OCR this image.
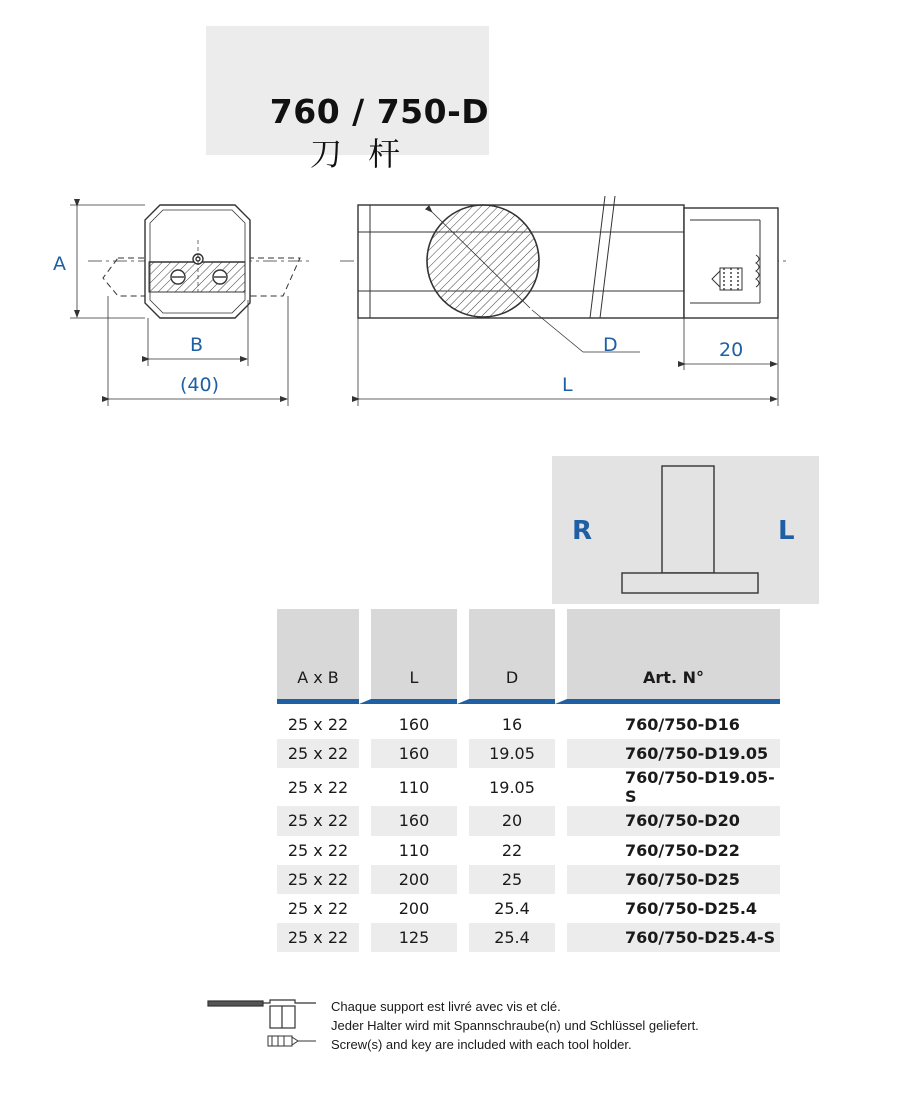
760 / 750-D
刀 杆
A
B
(40)
D	20
L
R	L
A x B	L	D	Art. N°
25 x 22	160	16	760/750-D16
25 x 22	160	19.05	760/750-D19.05
25 x 22	110	19.05	760/750-D19.05-S
25 x 22	160	20	760/750-D20
25 x 22	110	22	760/750-D22
25 x 22	200	25	760/750-D25
25 x 22	200	25.4	760/750-D25.4
25 x 22	125	25.4	760/750-D25.4-S
Chaque support est livré avec vis et clé.
Jeder Halter wird mit Spannschraube(n) und Schlüssel geliefert.
Screw(s) and key are included with each tool holder.
